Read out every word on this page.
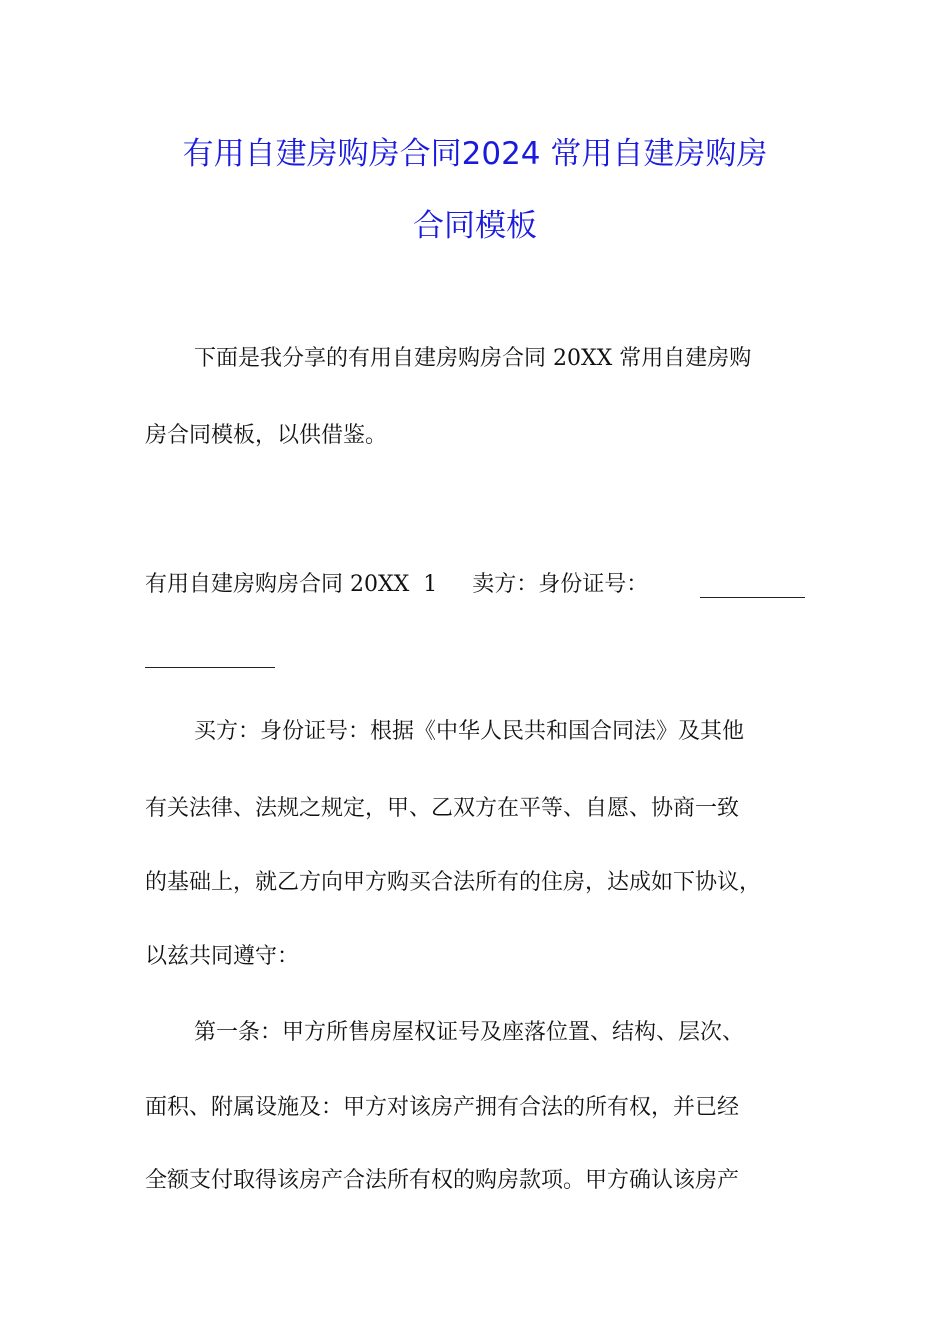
有用自建房购房合同2024 常用自建房购房
合同模板
下面是我分享的有用自建房购房合同 20XX 常用自建房购
房合同模板，以供借鉴。
有用自建房购房合同 20XX  1     卖方：身份证号：
买方：身份证号：根据《中华人民共和国合同法》及其他
有关法律、法规之规定，甲、乙双方在平等、自愿、协商一致
的基础上，就乙方向甲方购买合法所有的住房，达成如下协议，
以兹共同遵守：
第一条：甲方所售房屋权证号及座落位置、结构、层次、
面积、附属设施及：甲方对该房产拥有合法的所有权，并已经
全额支付取得该房产合法所有权的购房款项。甲方确认该房产
